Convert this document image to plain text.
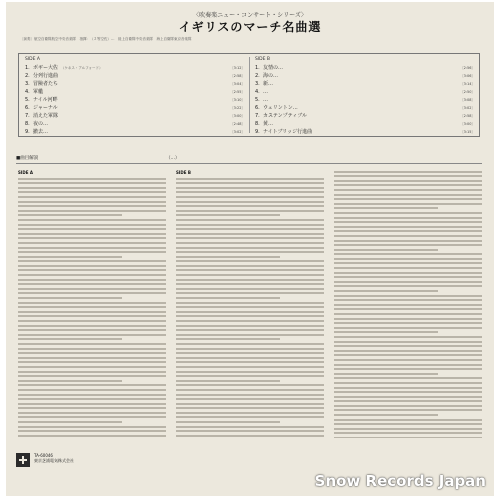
〈吹奏楽ニュー・コンサート・シリーズ〉
イギリスのマーチ名曲選
〔演奏〕航空自衛隊航空中央音楽隊　指揮：（２等空佐）…　陸上自衛隊中央音楽隊　海上自衛隊東京音楽隊
SIDE A
1. ボギー大佐 （ケネス・アルフォード）	〔3:12〕
2. 分列行進曲	〔2:58〕
3. 冒險者たち	〔3:04〕
4. 軍艦	〔2:55〕
5. ナイル河畔	〔3:10〕
6. ジャーナル	〔3:22〕
7. 消えた軍隊	〔3:00〕
8. 夜の…	〔2:48〕
9. 撤去…	〔3:02〕
SIDE B
1. 友情の…	〔2:56〕
2. 海の…	〔3:06〕
3. 新…	〔3:14〕
4. …	〔2:50〕
5. …	〔3:08〕
6. ウェリントン…	〔3:02〕
7. カステンプティブル	〔2:58〕
8. 黄…	〔3:00〕
9. ナイトブリッジ行進曲	〔3:15〕
■曲目解説	（…）
SIDE A	SIDE B
TA-60046
東京芝浦電気株式会社
Snow Records Japan
